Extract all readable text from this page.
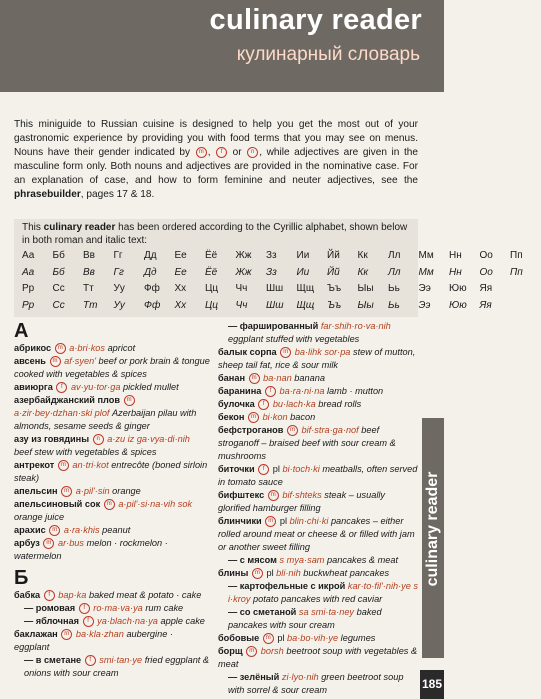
culinary reader
кулинарный словарь
This miniguide to Russian cuisine is designed to help you get the most out of your gastronomic experience by providing you with food terms that you may see on menus. Nouns have their gender indicated by m , f or n , while adjectives are given in the masculine form only. Both nouns and adjectives are provided in the nominative case. For an explanation of case, and how to form feminine and neuter adjectives, see the phrasebuilder, pages 17 & 18.
This culinary reader has been ordered according to the Cyrillic alphabet, shown below in both roman and italic text:
Аа	Бб	Вв	Гг	Дд	Ее	Ёё	Жж	Зз	Ии	Йй	Кк	Лл	Мм	Нн	Оо	Пп
Аа	Бб	Вв	Гг	Дд	Ее	Ёё	Жж	Зз	Ии	Йй	Кк	Лл	Мм	Нн	Оо	Пп
Рр	Сс	Тт	Уу	Фф	Хх	Цц	Чч	Шш	Щщ	Ъъ	Ыы	Ьь	Ээ	Юю	Яя
Рр	Сс	Тт	Уу	Фф	Хх	Цц	Чч	Шш	Щщ	Ъъ	Ыы	Ьь	Ээ	Юю	Яя
А
абрикос m a·bri·kos apricot
авсень m af·syen' beef or pork brain & tongue cooked with vegetables & spices
авиюрга f av·yu·tor·ga pickled mullet
азербайджанский плов m a·zir·bey·dzhan·ski plof Azerbaijan pilau with almonds, sesame seeds & ginger
азу из говядины n a·zu iz ga·vya·di·nih beef stew with vegetables & spices
антрекот m an·tri·kot entrecôte (boned sirloin steak)
апельсин m a·pil'·sin orange
апельсиновый сок m a·pil'·si·na·vih sok orange juice
арахис m a·ra·khis peanut
арбуз m ar·bus melon · rockmelon · watermelon
Б
бабка f bap·ka baked meat & potato · cake
— ромовая f ro·ma·va·ya rum cake
— яблочная f ya·blach·na·ya apple cake
баклажан m ba·kla·zhan aubergine · eggplant
— в сметане f smi·tan·ye fried eggplant & onions with sour cream
— фаршированный far·shih·ro·va·nih eggplant stuffed with vegetables
балык сорпа m ba·lihk sor·pa stew of mutton, sheep tail fat, rice & sour milk
банан m ba·nan banana
баранина f ba·ra·ni·na lamb · mutton
булочка f bu·lach·ka bread rolls
бекон m bi·kon bacon
бефстроганов m bif·stra·ga·nof beef stroganoff – braised beef with sour cream & mushrooms
биточки f pl bi·toch·ki meatballs, often served in tomato sauce
бифштекс m bif·shteks steak – usually glorified hamburger filling
блинчики m pl blin·chi·ki pancakes – either rolled around meat or cheese & or filled with jam or another sweet filling
— с мясом s mya·sam pancakes & meat
блины m pl bli·nih buckwheat pancakes
— картофельные с икрой kar·to·fil'·nih·ye s i·kroy potato pancakes with red caviar
— со сметаной sa smi·ta·ney baked pancakes with sour cream
бобовые m pl ba·bo·vih·ye legumes
борщ m borsh beetroot soup with vegetables & meat
— зелёный zi·lyo·nih green beetroot soup with sorrel & sour cream
culinary reader
185
